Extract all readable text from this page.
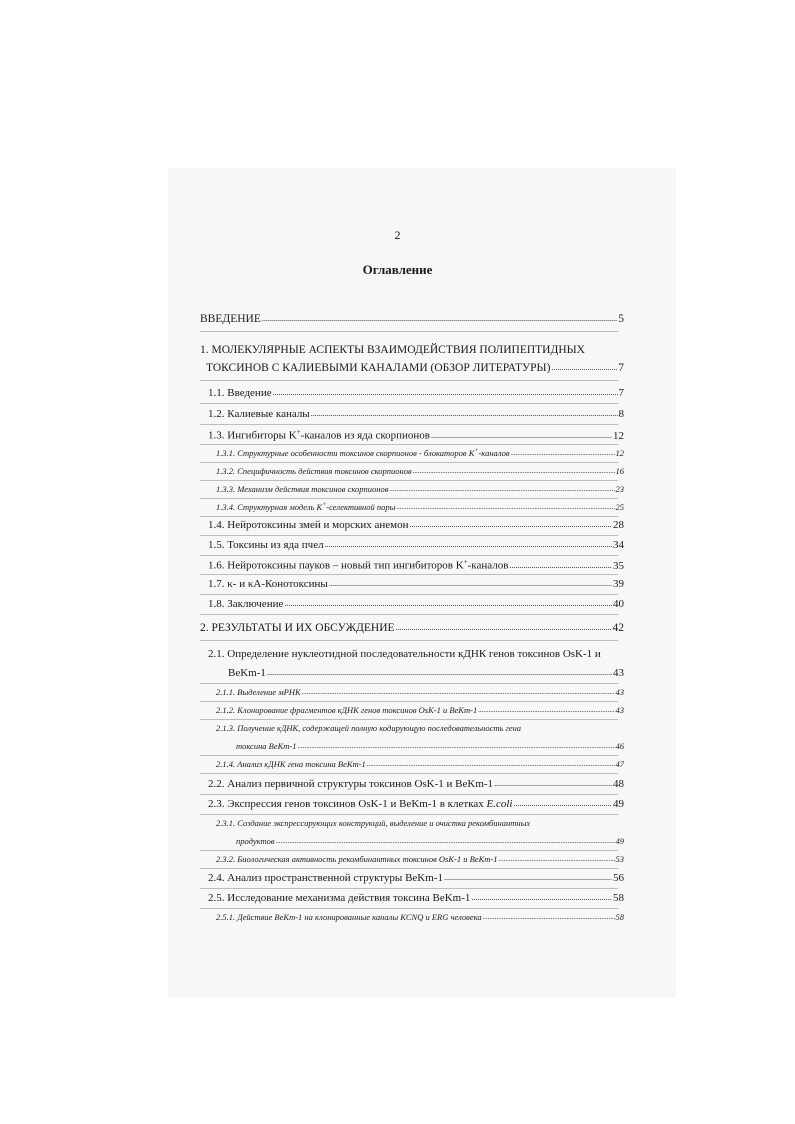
2
Оглавление
ВВЕДЕНИЕ .....	5
1. МОЛЕКУЛЯРНЫЕ АСПЕКТЫ ВЗАИМОДЕЙСТВИЯ ПОЛИПЕПТИДНЫХ
ТОКСИНОВ С КАЛИЕВЫМИ КАНАЛАМИ (ОБЗОР ЛИТЕРАТУРЫ) .....	7
1.1. Введение .....	7
1.2. Калиевые каналы .....	8
1.3. Ингибиторы K+-каналов из яда скорпионов .....	12
1.3.1. Структурные особенности токсинов скорпионов - блокаторов K+-каналов .....	12
1.3.2. Специфичность действия токсинов скорпионов .....	16
1.3.3. Механизм действия токсинов скорпионов .....	23
1.3.4. Структурная модель K+-селективной поры .....	25
1.4. Нейротоксины змей и морских анемон .....	28
1.5. Токсины из яда пчел .....	34
1.6. Нейротоксины пауков – новый тип ингибиторов K+-каналов .....	35
1.7. κ- и κA-Конотоксины .....	39
1.8. Заключение .....	40
2. РЕЗУЛЬТАТЫ И ИХ ОБСУЖДЕНИЕ .....	42
2.1. Определение нуклеотидной последовательности кДНК генов токсинов OsK-1 и
BeKm-1 .....	43
2.1.1. Выделение мРНК .....	43
2.1.2. Клонирование фрагментов кДНК генов токсинов OsK-1 и BeKm-1 .....	43
2.1.3. Получение кДНК, содержащей полную кодирующую последовательность гена
токсина BeKm-1 .....	46
2.1.4. Анализ кДНК гена токсина BeKm-1 .....	47
2.2. Анализ первичной структуры токсинов OsK-1 и BeKm-1 .....	48
2.3. Экспрессия генов токсинов OsK-1 и BeKm-1 в клетках E.coli .....	49
2.3.1. Создание экспрессирующих конструкций, выделение и очистка рекомбинантных
продуктов .....	49
2.3.2. Биологическая активность рекомбинантных токсинов OsK-1 и BeKm-1 .....	53
2.4. Анализ пространственной структуры BeKm-1 .....	56
2.5. Исследование механизма действия токсина BeKm-1 .....	58
2.5.1. Действие BeKm-1 на клонированные каналы KCNQ и ERG человека .....	58
